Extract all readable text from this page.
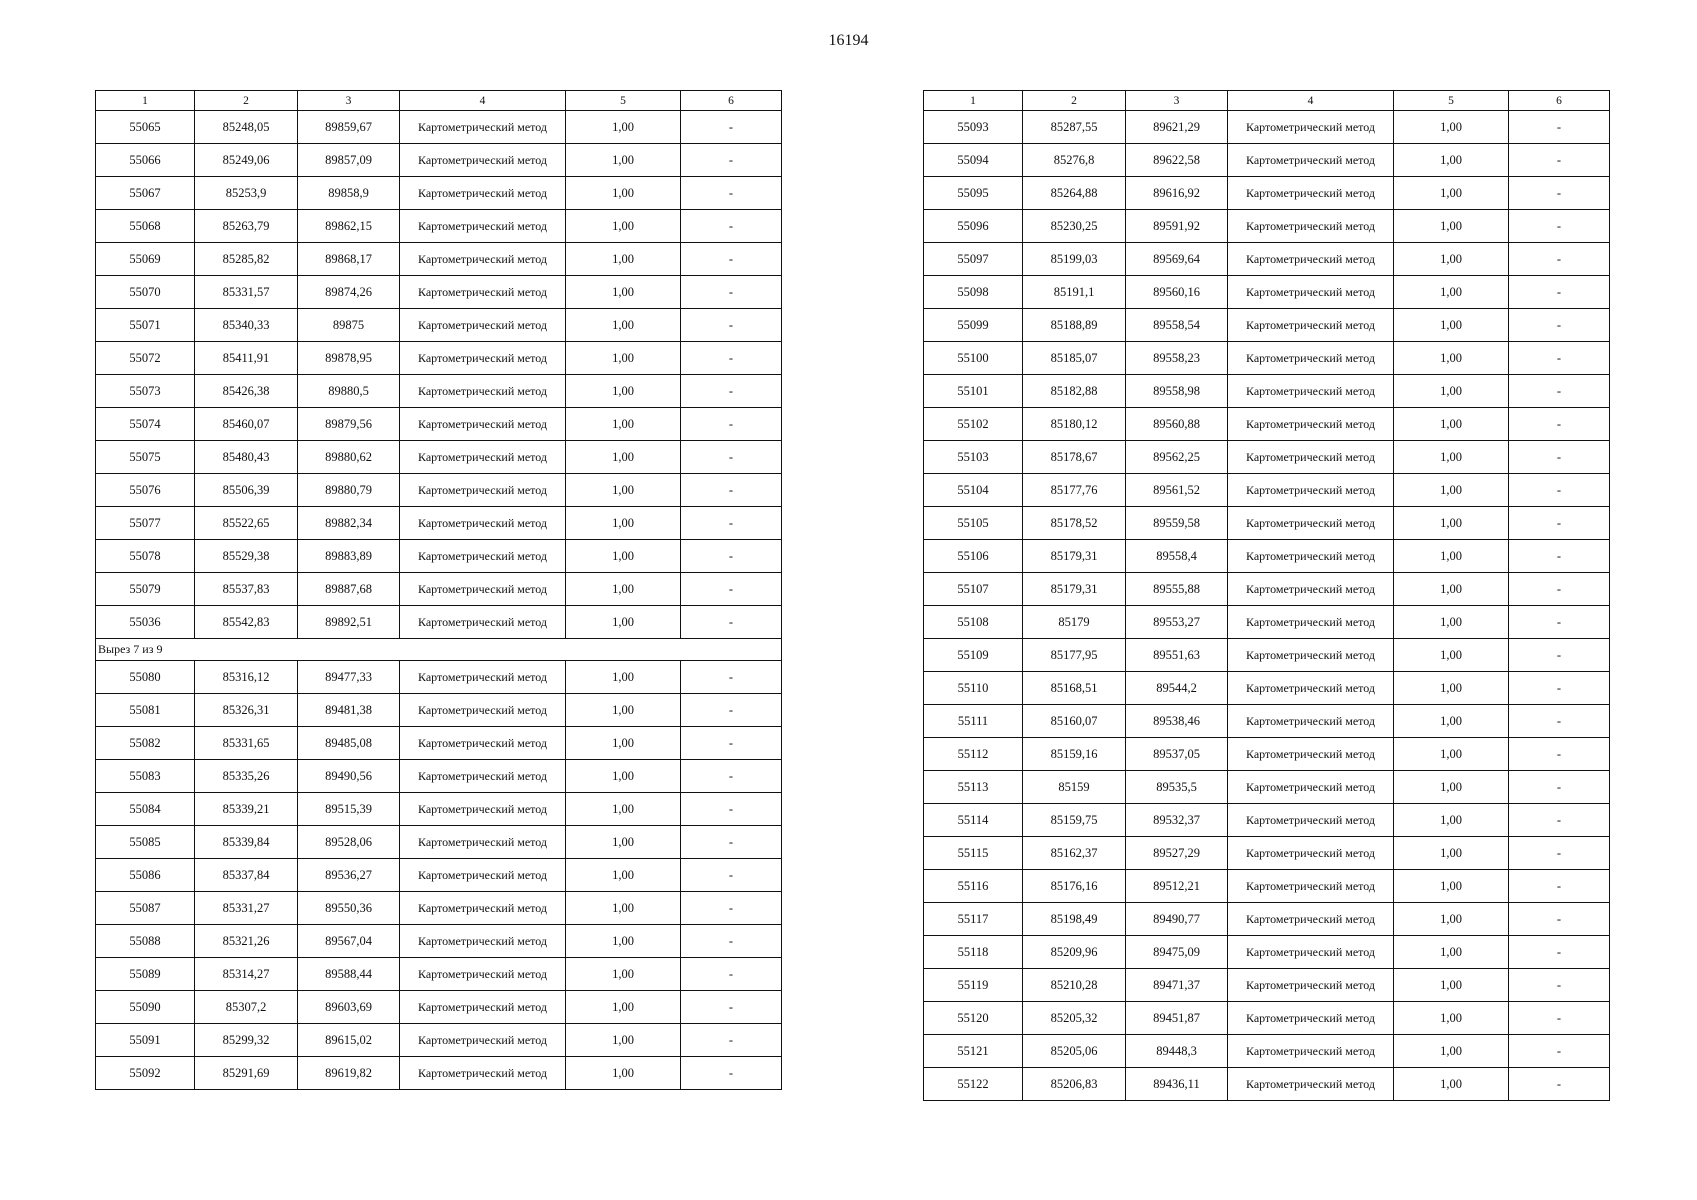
16194
1	2	3	4	5	6
55065	85248,05	89859,67	Картометрический метод	1,00	-
55066	85249,06	89857,09	Картометрический метод	1,00	-
55067	85253,9	89858,9	Картометрический метод	1,00	-
55068	85263,79	89862,15	Картометрический метод	1,00	-
55069	85285,82	89868,17	Картометрический метод	1,00	-
55070	85331,57	89874,26	Картометрический метод	1,00	-
55071	85340,33	89875	Картометрический метод	1,00	-
55072	85411,91	89878,95	Картометрический метод	1,00	-
55073	85426,38	89880,5	Картометрический метод	1,00	-
55074	85460,07	89879,56	Картометрический метод	1,00	-
55075	85480,43	89880,62	Картометрический метод	1,00	-
55076	85506,39	89880,79	Картометрический метод	1,00	-
55077	85522,65	89882,34	Картометрический метод	1,00	-
55078	85529,38	89883,89	Картометрический метод	1,00	-
55079	85537,83	89887,68	Картометрический метод	1,00	-
55036	85542,83	89892,51	Картометрический метод	1,00	-
Вырез 7 из 9					
55080	85316,12	89477,33	Картометрический метод	1,00	-
55081	85326,31	89481,38	Картометрический метод	1,00	-
55082	85331,65	89485,08	Картометрический метод	1,00	-
55083	85335,26	89490,56	Картометрический метод	1,00	-
55084	85339,21	89515,39	Картометрический метод	1,00	-
55085	85339,84	89528,06	Картометрический метод	1,00	-
55086	85337,84	89536,27	Картометрический метод	1,00	-
55087	85331,27	89550,36	Картометрический метод	1,00	-
55088	85321,26	89567,04	Картометрический метод	1,00	-
55089	85314,27	89588,44	Картометрический метод	1,00	-
55090	85307,2	89603,69	Картометрический метод	1,00	-
55091	85299,32	89615,02	Картометрический метод	1,00	-
55092	85291,69	89619,82	Картометрический метод	1,00	-
1	2	3	4	5	6
55093	85287,55	89621,29	Картометрический метод	1,00	-
55094	85276,8	89622,58	Картометрический метод	1,00	-
55095	85264,88	89616,92	Картометрический метод	1,00	-
55096	85230,25	89591,92	Картометрический метод	1,00	-
55097	85199,03	89569,64	Картометрический метод	1,00	-
55098	85191,1	89560,16	Картометрический метод	1,00	-
55099	85188,89	89558,54	Картометрический метод	1,00	-
55100	85185,07	89558,23	Картометрический метод	1,00	-
55101	85182,88	89558,98	Картометрический метод	1,00	-
55102	85180,12	89560,88	Картометрический метод	1,00	-
55103	85178,67	89562,25	Картометрический метод	1,00	-
55104	85177,76	89561,52	Картометрический метод	1,00	-
55105	85178,52	89559,58	Картометрический метод	1,00	-
55106	85179,31	89558,4	Картометрический метод	1,00	-
55107	85179,31	89555,88	Картометрический метод	1,00	-
55108	85179	89553,27	Картометрический метод	1,00	-
55109	85177,95	89551,63	Картометрический метод	1,00	-
55110	85168,51	89544,2	Картометрический метод	1,00	-
55111	85160,07	89538,46	Картометрический метод	1,00	-
55112	85159,16	89537,05	Картометрический метод	1,00	-
55113	85159	89535,5	Картометрический метод	1,00	-
55114	85159,75	89532,37	Картометрический метод	1,00	-
55115	85162,37	89527,29	Картометрический метод	1,00	-
55116	85176,16	89512,21	Картометрический метод	1,00	-
55117	85198,49	89490,77	Картометрический метод	1,00	-
55118	85209,96	89475,09	Картометрический метод	1,00	-
55119	85210,28	89471,37	Картометрический метод	1,00	-
55120	85205,32	89451,87	Картометрический метод	1,00	-
55121	85205,06	89448,3	Картометрический метод	1,00	-
55122	85206,83	89436,11	Картометрический метод	1,00	-
